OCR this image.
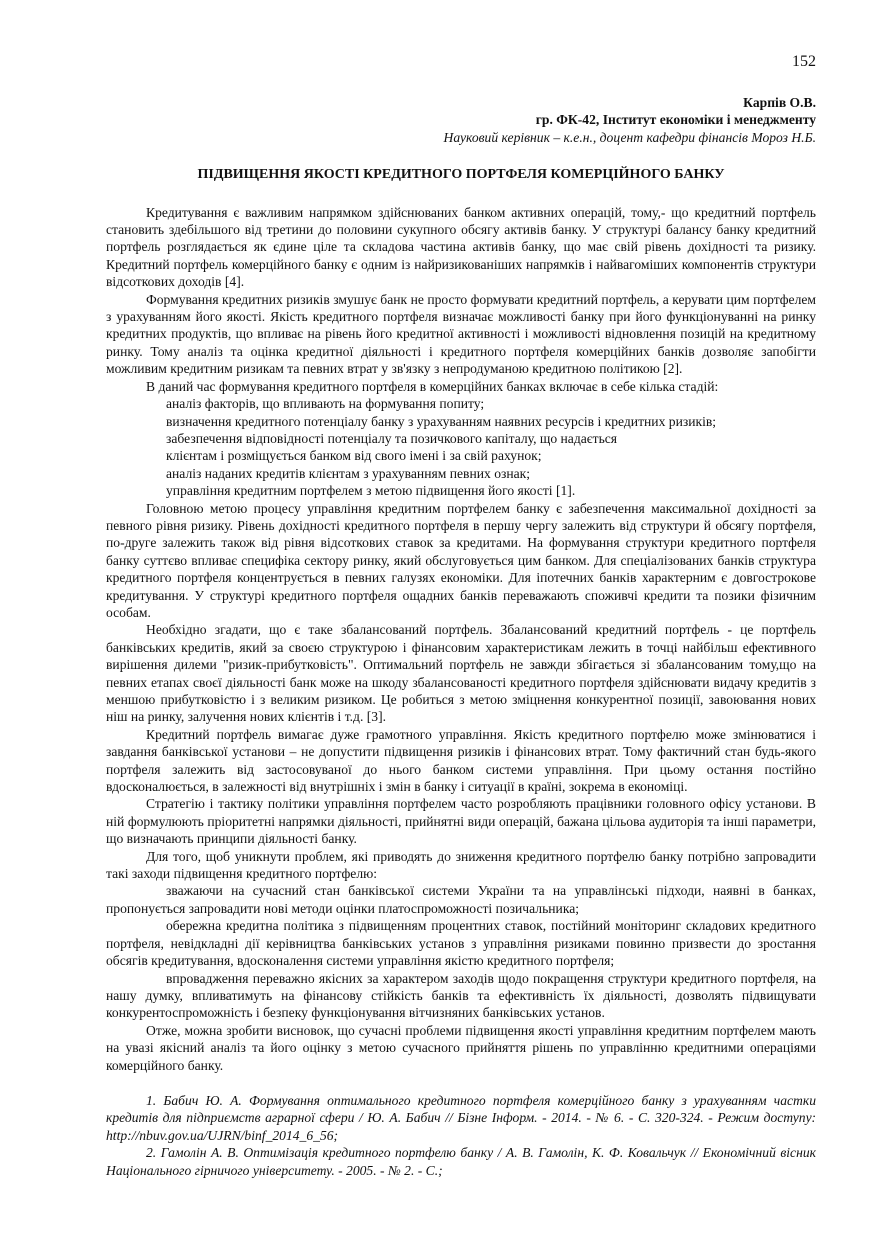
152
Карпів О.В.
гр. ФК-42, Інститут економіки і менеджменту
Науковий керівник – к.е.н., доцент кафедри фінансів Мороз Н.Б.
ПІДВИЩЕННЯ ЯКОСТІ КРЕДИТНОГО ПОРТФЕЛЯ КОМЕРЦІЙНОГО БАНКУ

Кредитування є важливим напрямком здійснюваних банком активних операцій, тому,- що кредитний портфель становить здебільшого від третини до половини сукупного обсягу активів банку. У структурі балансу банку кредитний портфель розглядається як єдине ціле та складова частина активів банку, що має свій рівень дохідності та ризику. Кредитний портфель комерційного банку є одним із найризикованіших напрямків і найвагоміших компонентів структури відсоткових доходів [4].

Формування кредитних ризиків змушує банк не просто формувати кредитний портфель, а керувати цим портфелем з урахуванням його якості. Якість кредитного портфеля визначає можливості банку при його функціонуванні на ринку кредитних продуктів, що впливає на рівень його кредитної активності і можливості відновлення позицій на кредитному ринку. Тому аналіз та оцінка кредитної діяльності і кредитного портфеля комерційних банків дозволяє запобігти можливим кредитним ризикам та певних втрат у зв'язку з непродуманою кредитною політикою [2].

В даний час формування кредитного портфеля в комерційних банках включає в себе кілька стадій:

аналіз факторів, що впливають на формування попиту;

визначення кредитного потенціалу банку з урахуванням наявних ресурсів і кредитних ризиків;

забезпечення відповідності потенціалу та позичкового капіталу, що надається

клієнтам і розміщується банком від свого імені і за свій рахунок;

аналіз наданих кредитів клієнтам з урахуванням певних ознак;

управління кредитним портфелем з метою підвищення його якості [1].

Головною метою процесу управління кредитним портфелем банку є забезпечення максимальної дохідності за певного рівня ризику. Рівень дохідності кредитного портфеля в першу чергу залежить від структури й обсягу портфеля, по-друге залежить також від рівня відсоткових ставок за кредитами. На формування структури кредитного портфеля банку суттєво впливає специфіка сектору ринку, який обслуговується цим банком. Для спеціалізованих банків структура кредитного портфеля концентрується в певних галузях економіки. Для іпотечних банків характерним є довгострокове кредитування. У структурі кредитного портфеля ощадних банків переважають споживчі кредити та позики фізичним особам.

Необхідно згадати, що є таке збалансований портфель. Збалансований кредитний портфель - це портфель банківських кредитів, який за своєю структурою і фінансовим характеристикам лежить в точці найбільш ефективного вирішення дилеми "ризик-прибутковість". Оптимальний портфель не завжди збігається зі збалансованим тому,що на певних етапах своєї діяльності банк може на шкоду збалансованості кредитного портфеля здійснювати видачу кредитів з меншою прибутковістю і з великим ризиком. Це робиться з метою зміцнення конкурентної позиції, завоювання нових ніш на ринку, залучення нових клієнтів і т.д. [3].

Кредитний портфель вимагає дуже грамотного управління. Якість кредитного портфелю може змінюватися і завдання банківської установи – не допустити підвищення ризиків і фінансових втрат. Тому фактичний стан будь-якого портфеля залежить від застосовуваної до нього банком системи управління. При цьому остання постійно вдосконалюється, в залежності від внутрішніх і змін в банку і ситуації в країні, зокрема в економіці.

Стратегію і тактику політики управління портфелем часто розробляють працівники головного офісу установи. В ній формулюють пріоритетні напрямки діяльності, прийнятні види операцій, бажана цільова аудиторія та інші параметри, що визначають принципи діяльності банку.

Для того, щоб уникнути проблем, які приводять до зниження кредитного портфелю банку потрібно запровадити такі заходи підвищення кредитного портфелю:

зважаючи на сучасний стан банківської системи України та на управлінські підходи, наявні в банках, пропонується запровадити нові методи оцінки платоспроможності позичальника;

обережна кредитна політика з підвищенням процентних ставок, постійний моніторинг складових кредитного портфеля, невідкладні дії керівництва банківських установ з управління ризиками повинно призвести до зростання обсягів кредитування, вдосконалення системи управління якістю кредитного портфеля;

впровадження переважно якісних за характером заходів щодо покращення структури кредитного портфеля, на нашу думку, впливатимуть на фінансову стійкість банків та ефективність їх діяльності, дозволять підвищувати конкурентоспроможність і безпеку функціонування вітчизняних банківських установ.

Отже, можна зробити висновок, що сучасні проблеми підвищення якості управління кредитним портфелем мають на увазі якісний аналіз та його оцінку з метою сучасного прийняття рішень по управлінню кредитними операціями комерційного банку.

1. Бабич Ю. А. Формування оптимального кредитного портфеля комерційного банку з урахуванням частки кредитів для підприємств аграрної сфери / Ю. А. Бабич // Бізне Інформ. - 2014. - № 6. - С. 320-324. - Режим доступу: http://nbuv.gov.ua/UJRN/binf_2014_6_56;

2. Гамолін А. В. Оптимізація кредитного портфелю банку / А. В. Гамолін, К. Ф. Ковальчук // Економічний вісник Національного гірничого університету. - 2005. - № 2. - С.;
